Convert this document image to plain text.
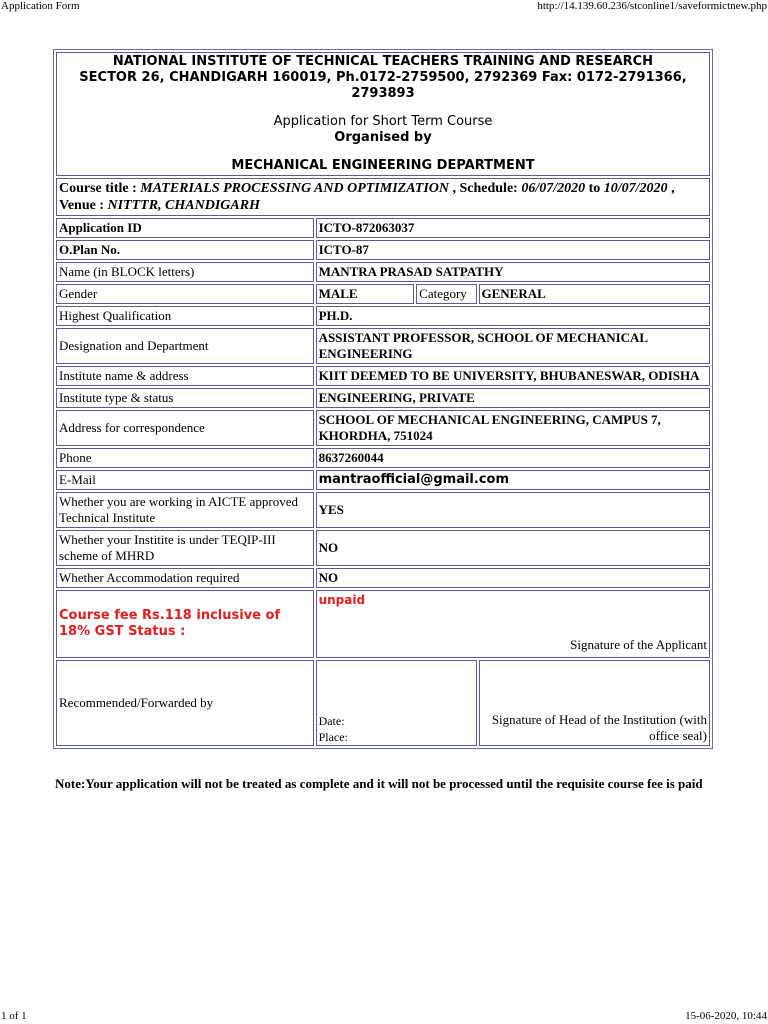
Application Form	http://14.139.60.236/stconline1/saveformictnew.php
NATIONAL INSTITUTE OF TECHNICAL TEACHERS TRAINING AND RESEARCH
SECTOR 26, CHANDIGARH 160019, Ph.0172-2759500, 2792369 Fax: 0172-2791366, 2793893
Application for Short Term Course
Organised by
MECHANICAL ENGINEERING DEPARTMENT			

Course title : MATERIALS PROCESSING AND OPTIMIZATION , Schedule: 06/07/2020 to 10/07/2020 , Venue : NITTTR, CHANDIGARH			
Application ID	ICTO-872063037		
O.Plan No.	ICTO-87		
Name (in BLOCK letters)	MANTRA PRASAD SATPATHY		
Gender	MALE	Category	GENERAL
Highest Qualification	PH.D.		
Designation and Department	ASSISTANT PROFESSOR, SCHOOL OF MECHANICAL ENGINEERING		
Institute name & address	KIIT DEEMED TO BE UNIVERSITY, BHUBANESWAR, ODISHA		
Institute type & status	ENGINEERING, PRIVATE		
Address for correspondence	SCHOOL OF MECHANICAL ENGINEERING, CAMPUS 7, KHORDHA, 751024		
Phone	8637260044		
E-Mail	mantraofficial@gmail.com		
Whether you are working in AICTE approved Technical Institute	YES		
Whether your Institite is under TEQIP-III scheme of MHRD	NO		
Whether Accommodation required	NO		
Course fee Rs.118 inclusive of 18% GST Status :	unpaid
Signature of the Applicant		

Recommended/Forwarded by	Date:
Place:		Signature of Head of the Institution (with office seal)
Note:Your application will not be treated as complete and it will not be processed until the requisite course fee is paid
1 of 1	15-06-2020, 10:44
